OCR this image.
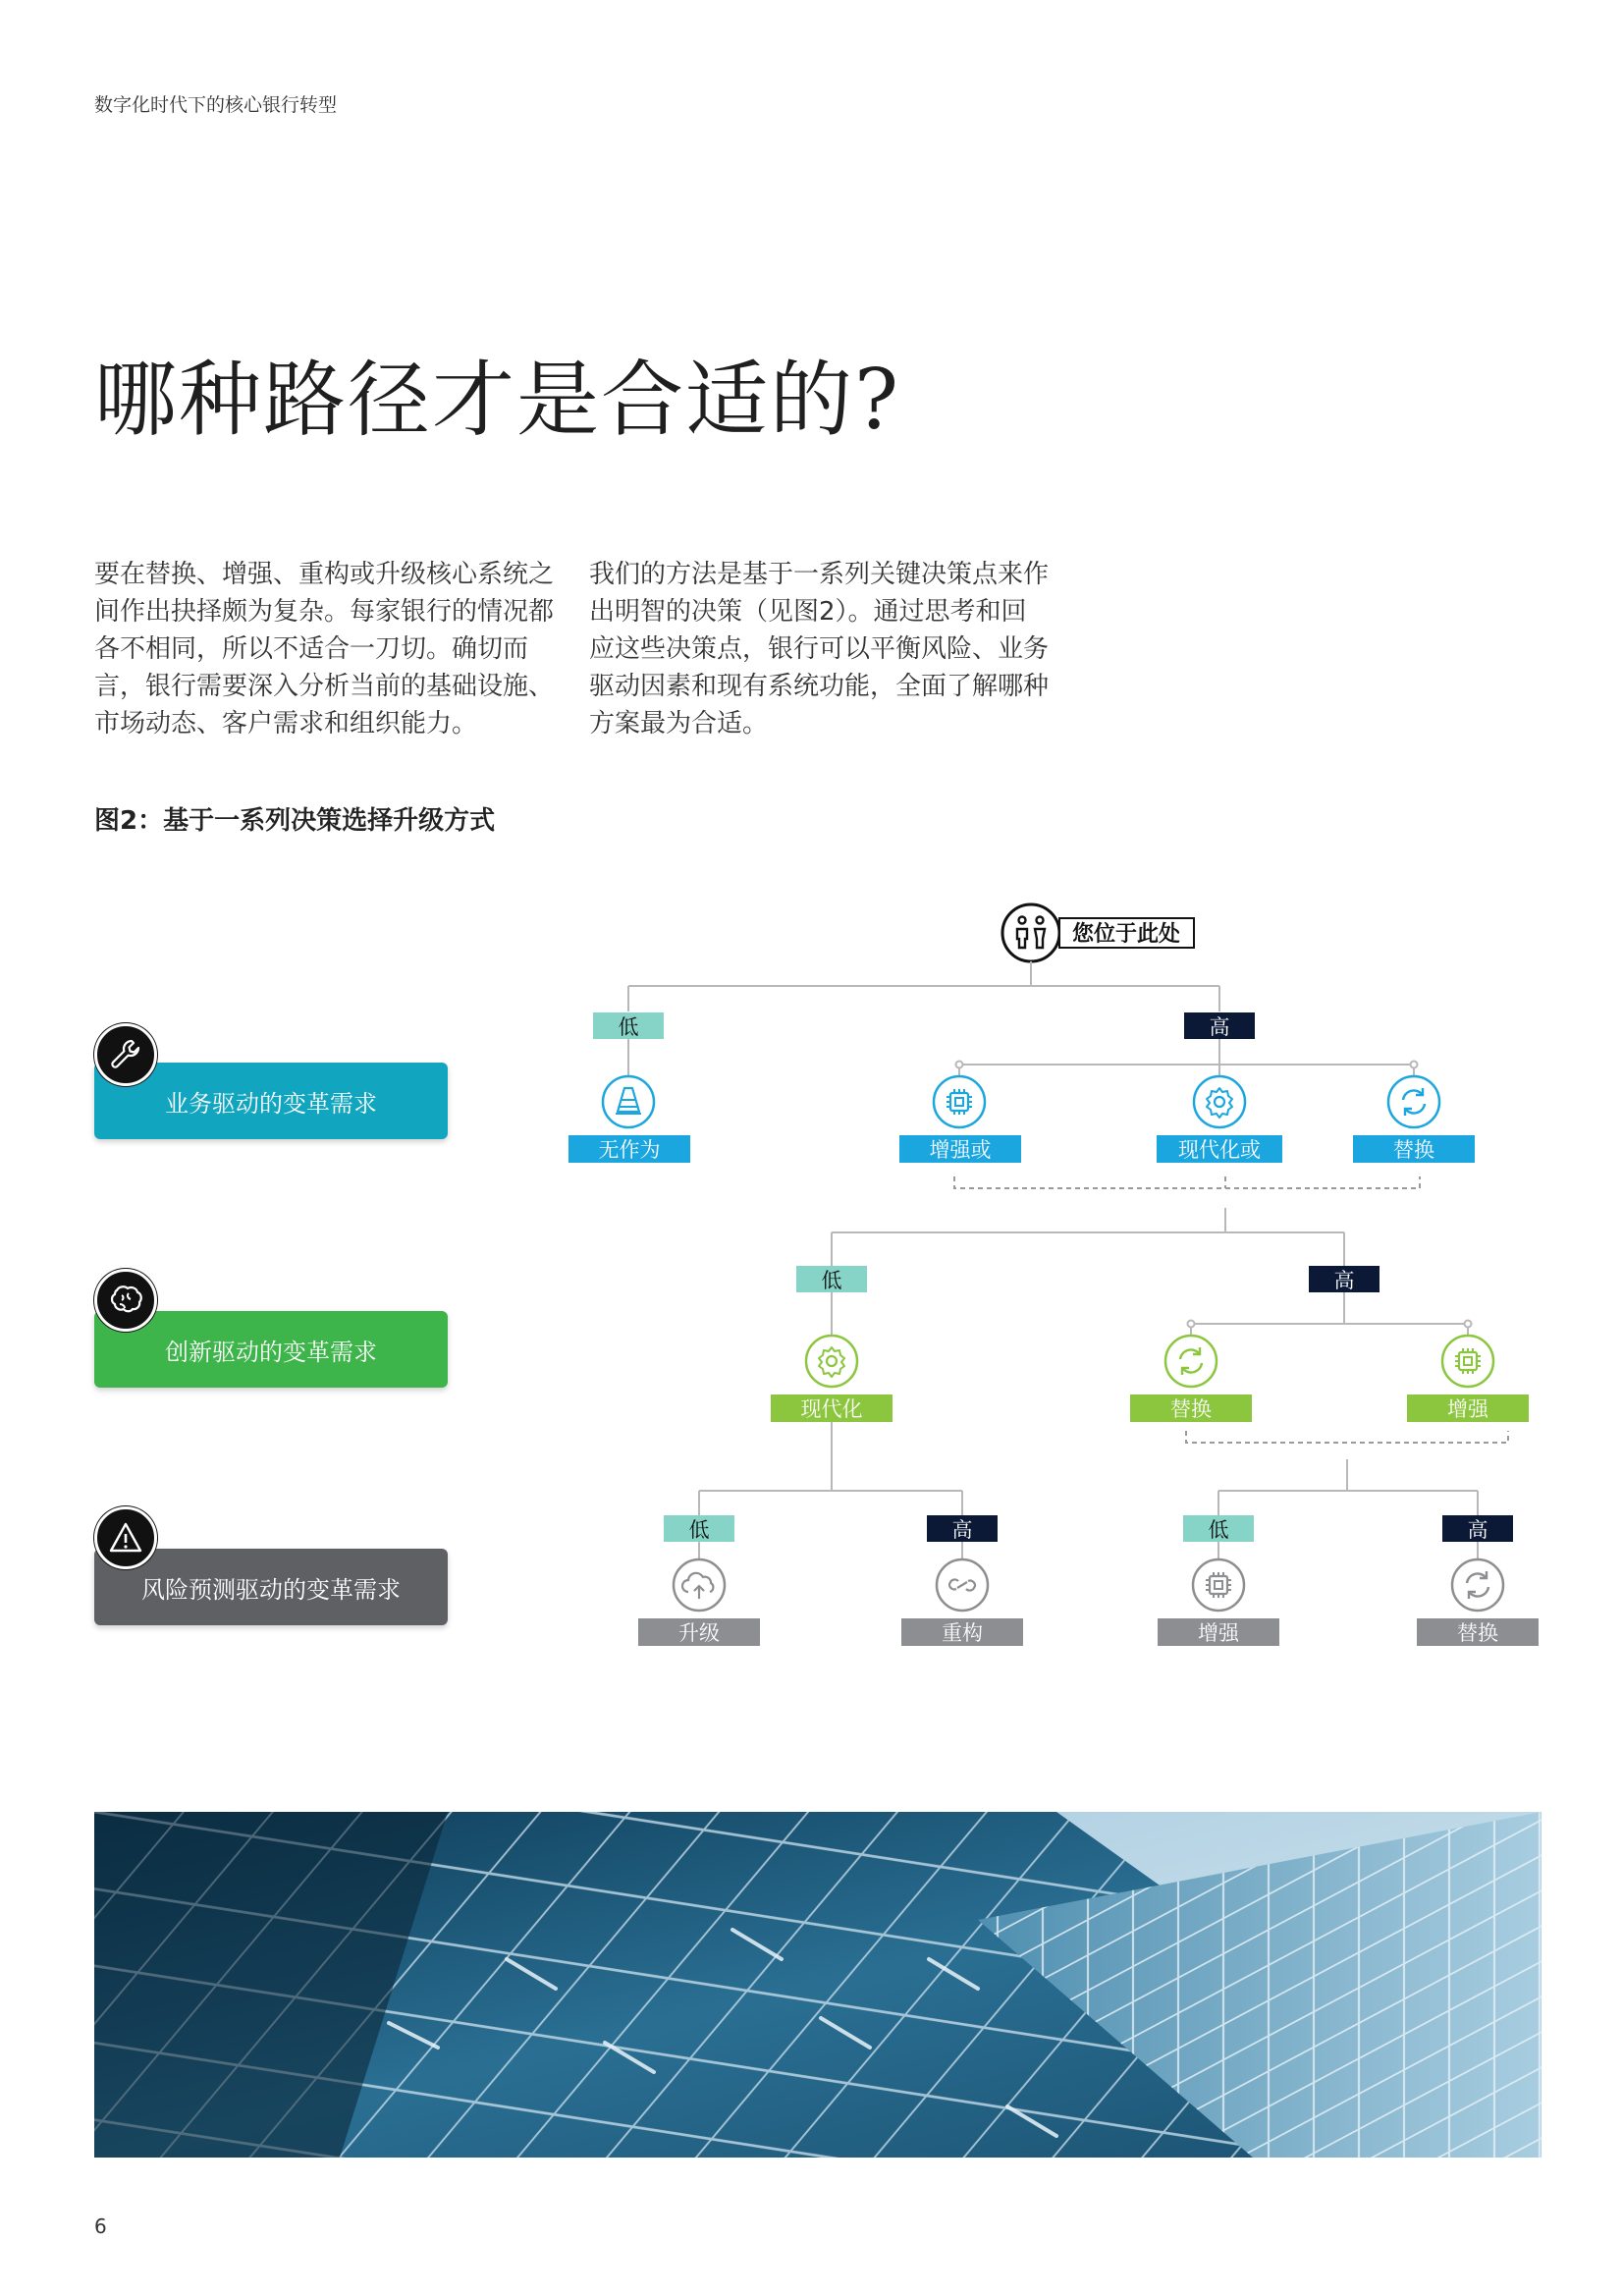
数字化时代下的核心银行转型
哪种路径才是合适的?
要在替换、增强、重构或升级核心系统之间作出抉择颇为复杂。每家银行的情况都各不相同，所以不适合一刀切。确切而言，银行需要深入分析当前的基础设施、市场动态、客户需求和组织能力。
我们的方法是基于一系列关键决策点来作出明智的决策（见图2）。通过思考和回应这些决策点，银行可以平衡风险、业务驱动因素和现有系统功能，全面了解哪种方案最为合适。
图2：基于一系列决策选择升级方式
业务驱动的变革需求
创新驱动的变革需求
风险预测驱动的变革需求
您位于此处
低	高
无作为	增强或	现代化或	替换
低	高
现代化	替换	增强
低	高	低	高
升级	重构	增强	替换
6
